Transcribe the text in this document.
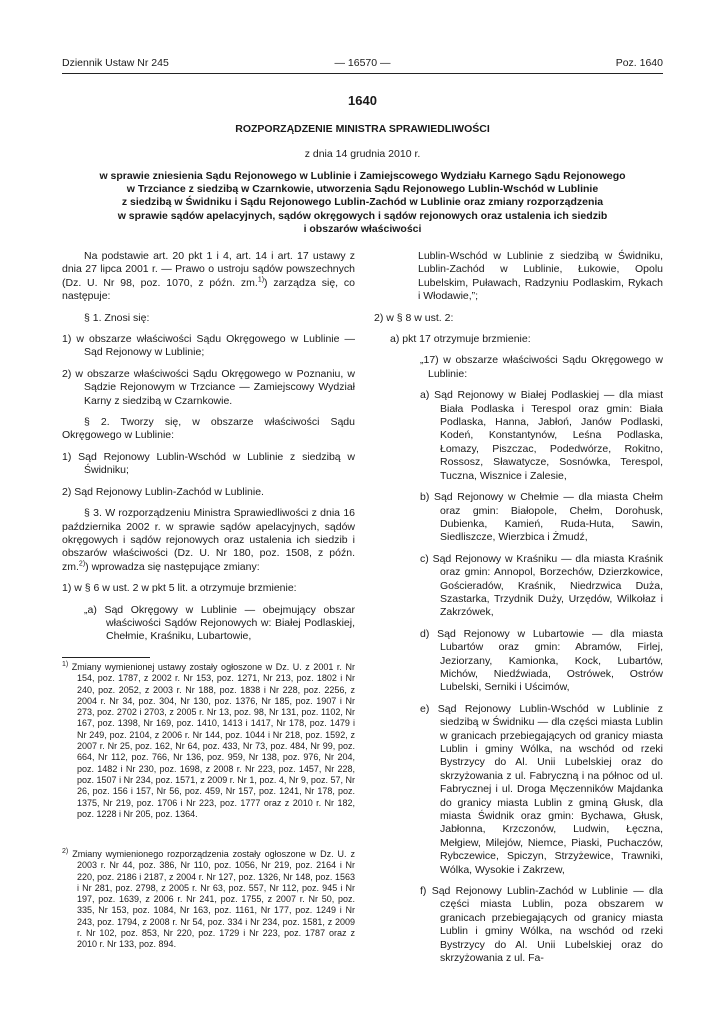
Dziennik Ustaw Nr 245	— 16570 —	Poz. 1640
1640
ROZPORZĄDZENIE MINISTRA SPRAWIEDLIWOŚCI
z dnia 14 grudnia 2010 r.
w sprawie zniesienia Sądu Rejonowego w Lublinie i Zamiejscowego Wydziału Karnego Sądu Rejonowego
w Trzciance z siedzibą w Czarnkowie, utworzenia Sądu Rejonowego Lublin-Wschód w Lublinie
z siedzibą w Świdniku i Sądu Rejonowego Lublin-Zachód w Lublinie oraz zmiany rozporządzenia
w sprawie sądów apelacyjnych, sądów okręgowych i sądów rejonowych oraz ustalenia ich siedzib
i obszarów właściwości

Na podstawie art. 20 pkt 1 i 4, art. 14 i art. 17 ustawy z dnia 27 lipca 2001 r. — Prawo o ustroju sądów powszechnych (Dz. U. Nr 98, poz. 1070, z późn. zm.$^{1)}$) zarządza się, co następuje:

§ 1. Znosi się:

1) w obszarze właściwości Sądu Okręgowego w Lublinie — Sąd Rejonowy w Lublinie;

2) w obszarze właściwości Sądu Okręgowego w Poznaniu, w Sądzie Rejonowym w Trzciance — Zamiejscowy Wydział Karny z siedzibą w Czarnkowie.

§ 2. Tworzy się, w obszarze właściwości Sądu Okręgowego w Lublinie:

1) Sąd Rejonowy Lublin-Wschód w Lublinie z siedzibą w Świdniku;

2) Sąd Rejonowy Lublin-Zachód w Lublinie.

§ 3. W rozporządzeniu Ministra Sprawiedliwości z dnia 16 października 2002 r. w sprawie sądów apelacyjnych, sądów okręgowych i sądów rejonowych oraz ustalenia ich siedzib i obszarów właściwości (Dz. U. Nr 180, poz. 1508, z późn. zm.$^{2)}$) wprowadza się następujące zmiany:

1) w § 6 w ust. 2 w pkt 5 lit. a otrzymuje brzmienie:

„a) Sąd Okręgowy w Lublinie — obejmujący obszar właściwości Sądów Rejonowych w: Białej Podlaskiej, Chełmie, Kraśniku, Lubartowie,

$^{1)}$ Zmiany wymienionej ustawy zostały ogłoszone w Dz. U. z 2001 r. Nr 154, poz. 1787, z 2002 r. Nr 153, poz. 1271, Nr 213, poz. 1802 i Nr 240, poz. 2052, z 2003 r. Nr 188, poz. 1838 i Nr 228, poz. 2256, z 2004 r. Nr 34, poz. 304, Nr 130, poz. 1376, Nr 185, poz. 1907 i Nr 273, poz. 2702 i 2703, z 2005 r. Nr 13, poz. 98, Nr 131, poz. 1102, Nr 167, poz. 1398, Nr 169, poz. 1410, 1413 i 1417, Nr 178, poz. 1479 i Nr 249, poz. 2104, z 2006 r. Nr 144, poz. 1044 i Nr 218, poz. 1592, z 2007 r. Nr 25, poz. 162, Nr 64, poz. 433, Nr 73, poz. 484, Nr 99, poz. 664, Nr 112, poz. 766, Nr 136, poz. 959, Nr 138, poz. 976, Nr 204, poz. 1482 i Nr 230, poz. 1698, z 2008 r. Nr 223, poz. 1457, Nr 228, poz. 1507 i Nr 234, poz. 1571, z 2009 r. Nr 1, poz. 4, Nr 9, poz. 57, Nr 26, poz. 156 i 157, Nr 56, poz. 459, Nr 157, poz. 1241, Nr 178, poz. 1375, Nr 219, poz. 1706 i Nr 223, poz. 1777 oraz z 2010 r. Nr 182, poz. 1228 i Nr 205, poz. 1364.

$^{2)}$ Zmiany wymienionego rozporządzenia zostały ogłoszone w Dz. U. z 2003 r. Nr 44, poz. 386, Nr 110, poz. 1056, Nr 219, poz. 2164 i Nr 220, poz. 2186 i 2187, z 2004 r. Nr 127, poz. 1326, Nr 148, poz. 1563 i Nr 281, poz. 2798, z 2005 r. Nr 63, poz. 557, Nr 112, poz. 945 i Nr 197, poz. 1639, z 2006 r. Nr 241, poz. 1755, z 2007 r. Nr 50, poz. 335, Nr 153, poz. 1084, Nr 163, poz. 1161, Nr 177, poz. 1249 i Nr 243, poz. 1794, z 2008 r. Nr 54, poz. 334 i Nr 234, poz. 1581, z 2009 r. Nr 102, poz. 853, Nr 220, poz. 1729 i Nr 223, poz. 1787 oraz z 2010 r. Nr 133, poz. 894.

Lublin-Wschód w Lublinie z siedzibą w Świdniku, Lublin-Zachód w Lublinie, Łukowie, Opolu Lubelskim, Puławach, Radzyniu Podlaskim, Rykach i Włodawie,”;

2) w § 8 w ust. 2:

a) pkt 17 otrzymuje brzmienie:

„17) w obszarze właściwości Sądu Okręgowego w Lublinie:

a) Sąd Rejonowy w Białej Podlaskiej — dla miast Biała Podlaska i Terespol oraz gmin: Biała Podlaska, Hanna, Jabłoń, Janów Podlaski, Kodeń, Konstantynów, Leśna Podlaska, Łomazy, Piszczac, Podedwórze, Rokitno, Rossosz, Sławatycze, Sosnówka, Terespol, Tuczna, Wisznice i Zalesie,

b) Sąd Rejonowy w Chełmie — dla miasta Chełm oraz gmin: Białopole, Chełm, Dorohusk, Dubienka, Kamień, Ruda-Huta, Sawin, Siedliszcze, Wierzbica i Żmudź,

c) Sąd Rejonowy w Kraśniku — dla miasta Kraśnik oraz gmin: Annopol, Borzechów, Dzierzkowice, Gościeradów, Kraśnik, Niedrzwica Duża, Szastarka, Trzydnik Duży, Urzędów, Wilkołaz i Zakrzówek,

d) Sąd Rejonowy w Lubartowie — dla miasta Lubartów oraz gmin: Abramów, Firlej, Jeziorzany, Kamionka, Kock, Lubartów, Michów, Niedźwiada, Ostrówek, Ostrów Lubelski, Serniki i Uścimów,

e) Sąd Rejonowy Lublin-Wschód w Lublinie z siedzibą w Świdniku — dla części miasta Lublin w granicach przebiegających od granicy miasta Lublin i gminy Wólka, na wschód od rzeki Bystrzycy do Al. Unii Lubelskiej oraz do skrzyżowania z ul. Fabryczną i na północ od ul. Fabrycznej i ul. Droga Męczenników Majdanka do granicy miasta Lublin z gminą Głusk, dla miasta Świdnik oraz gmin: Bychawa, Głusk, Jabłonna, Krzczonów, Ludwin, Łęczna, Mełgiew, Milejów, Niemce, Piaski, Puchaczów, Rybczewice, Spiczyn, Strzyżewice, Trawniki, Wólka, Wysokie i Zakrzew,

f) Sąd Rejonowy Lublin-Zachód w Lublinie — dla części miasta Lublin, poza obszarem w granicach przebiegających od granicy miasta Lublin i gminy Wólka, na wschód od rzeki Bystrzycy do Al. Unii Lubelskiej oraz do skrzyżowania z ul. Fa-
